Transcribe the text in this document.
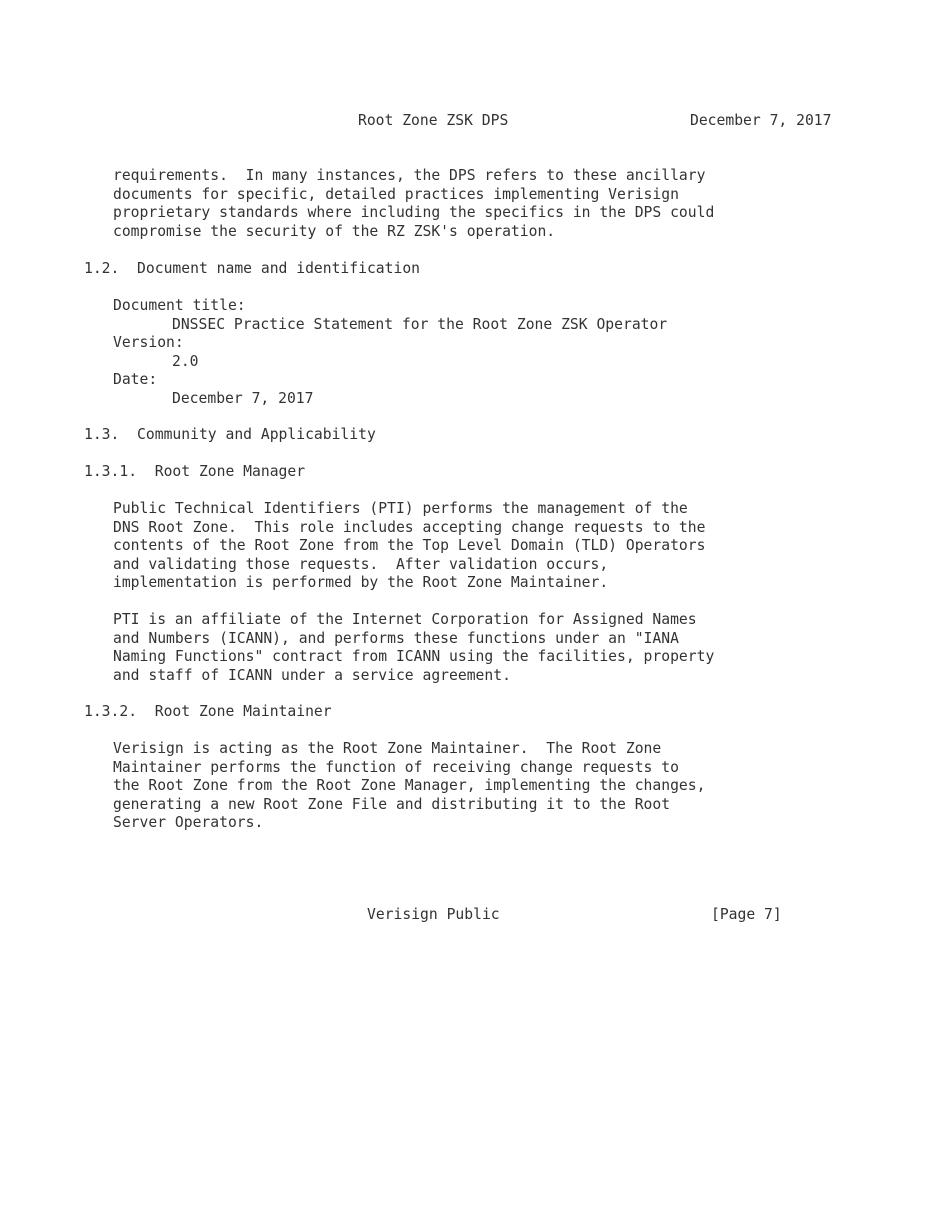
Root Zone ZSK DPS	December 7, 2017
requirements.  In many instances, the DPS refers to these ancillary
documents for specific, detailed practices implementing Verisign
proprietary standards where including the specifics in the DPS could
compromise the security of the RZ ZSK's operation.
1.2.  Document name and identification
Document title:
DNSSEC Practice Statement for the Root Zone ZSK Operator
Version:
2.0
Date:
December 7, 2017
1.3.  Community and Applicability
1.3.1.  Root Zone Manager
Public Technical Identifiers (PTI) performs the management of the
DNS Root Zone.  This role includes accepting change requests to the
contents of the Root Zone from the Top Level Domain (TLD) Operators
and validating those requests.  After validation occurs,
implementation is performed by the Root Zone Maintainer.
PTI is an affiliate of the Internet Corporation for Assigned Names
and Numbers (ICANN), and performs these functions under an "IANA
Naming Functions" contract from ICANN using the facilities, property
and staff of ICANN under a service agreement.
1.3.2.  Root Zone Maintainer
Verisign is acting as the Root Zone Maintainer.  The Root Zone
Maintainer performs the function of receiving change requests to
the Root Zone from the Root Zone Manager, implementing the changes,
generating a new Root Zone File and distributing it to the Root
Server Operators.
Verisign Public	[Page 7]
